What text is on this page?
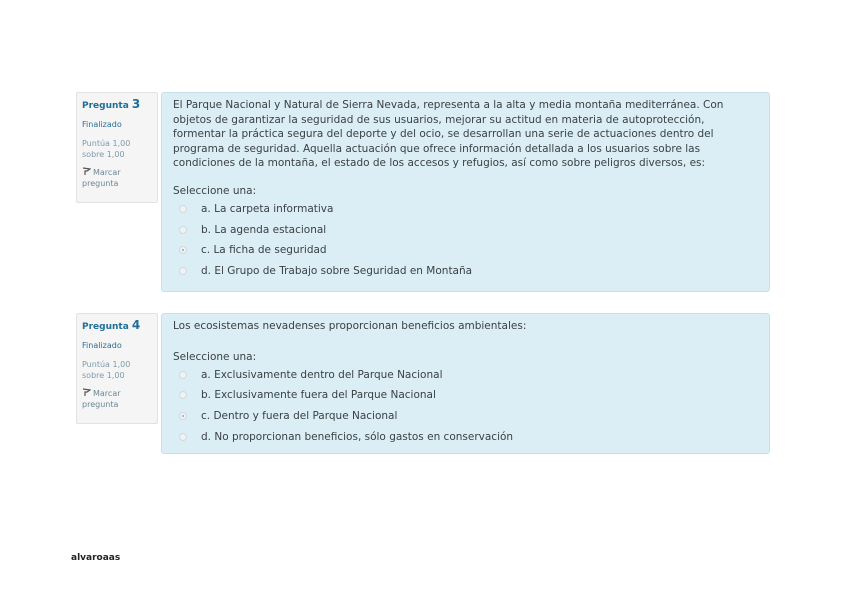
Pregunta 3
Finalizado
Puntúa 1,00
sobre 1,00
Marcar
pregunta

El Parque Nacional y Natural de Sierra Nevada, representa a la alta y media montaña mediterránea. Con objetos de garantizar la seguridad de sus usuarios, mejorar su actitud en materia de autoprotección, formentar la práctica segura del deporte y del ocio, se desarrollan una serie de actuaciones dentro del programa de seguridad. Aquella actuación que ofrece información detallada a los usuarios sobre las condiciones de la montaña, el estado de los accesos y refugios, así como sobre peligros diversos, es:

Seleccione una:
a. La carpeta informativa
b. La agenda estacional
c. La ficha de seguridad
d. El Grupo de Trabajo sobre Seguridad en Montaña
Pregunta 4
Finalizado
Puntúa 1,00
sobre 1,00
Marcar
pregunta

Los ecosistemas nevadenses proporcionan beneficios ambientales:

Seleccione una:
a. Exclusivamente dentro del Parque Nacional
b. Exclusivamente fuera del Parque Nacional
c. Dentro y fuera del Parque Nacional
d. No proporcionan beneficios, sólo gastos en conservación
alvaroaas
